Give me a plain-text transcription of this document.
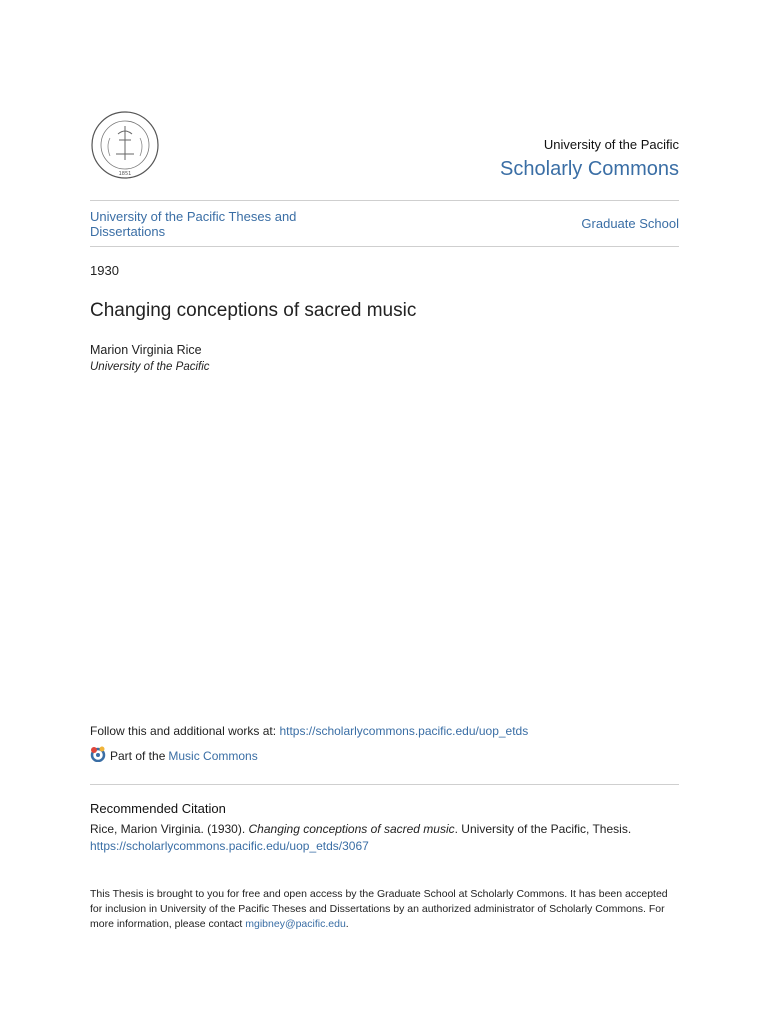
1851
University of the Pacific
Scholarly Commons
University of the Pacific Theses and Dissertations
Graduate School
1930
Changing conceptions of sacred music
Marion Virginia Rice
University of the Pacific
Follow this and additional works at: https://scholarlycommons.pacific.edu/uop_etds
Part of the Music Commons
Recommended Citation
Rice, Marion Virginia. (1930). Changing conceptions of sacred music. University of the Pacific, Thesis.
https://scholarlycommons.pacific.edu/uop_etds/3067
This Thesis is brought to you for free and open access by the Graduate School at Scholarly Commons. It has been accepted for inclusion in University of the Pacific Theses and Dissertations by an authorized administrator of Scholarly Commons. For more information, please contact mgibney@pacific.edu.
